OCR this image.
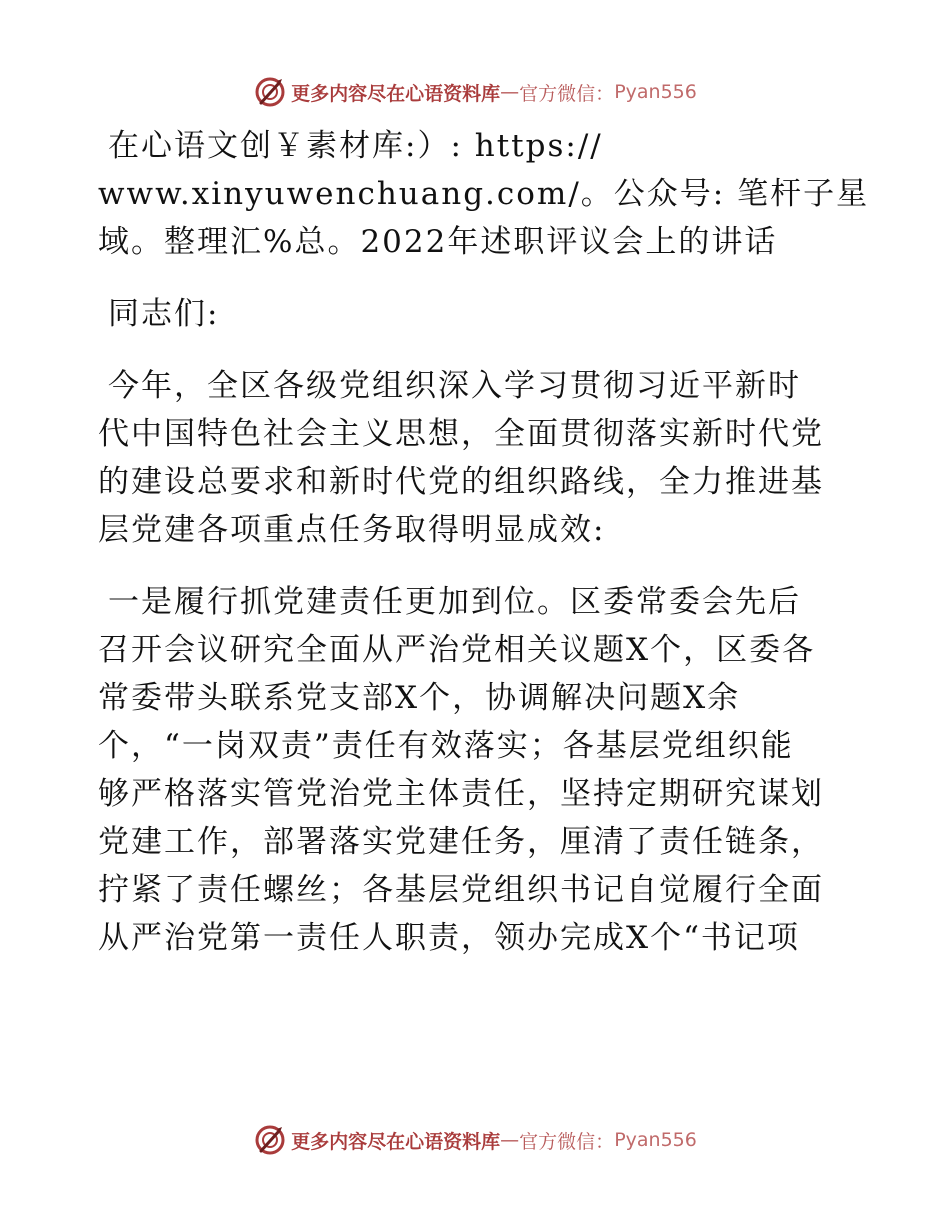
更多内容尽在心语资料库 — 官方微信： Pyan556
在心语文创￥素材库:）: https://
www.xinyuwenchuang.com/。公众号: 笔杆子星
域。整理汇%总。2022年述职评议会上的讲话
同志们:
今年，全区各级党组织深入学习贯彻习近平新时
代中国特色社会主义思想，全面贯彻落实新时代党
的建设总要求和新时代党的组织路线，全力推进基
层党建各项重点任务取得明显成效:
一是履行抓党建责任更加到位。区委常委会先后
召开会议研究全面从严治党相关议题X个，区委各
常委带头联系党支部X个，协调解决问题X余
个，“一岗双责”责任有效落实；各基层党组织能
够严格落实管党治党主体责任，坚持定期研究谋划
党建工作，部署落实党建任务，厘清了责任链条，
拧紧了责任螺丝；各基层党组织书记自觉履行全面
从严治党第一责任人职责，领办完成X个“书记项
更多内容尽在心语资料库 — 官方微信： Pyan556
